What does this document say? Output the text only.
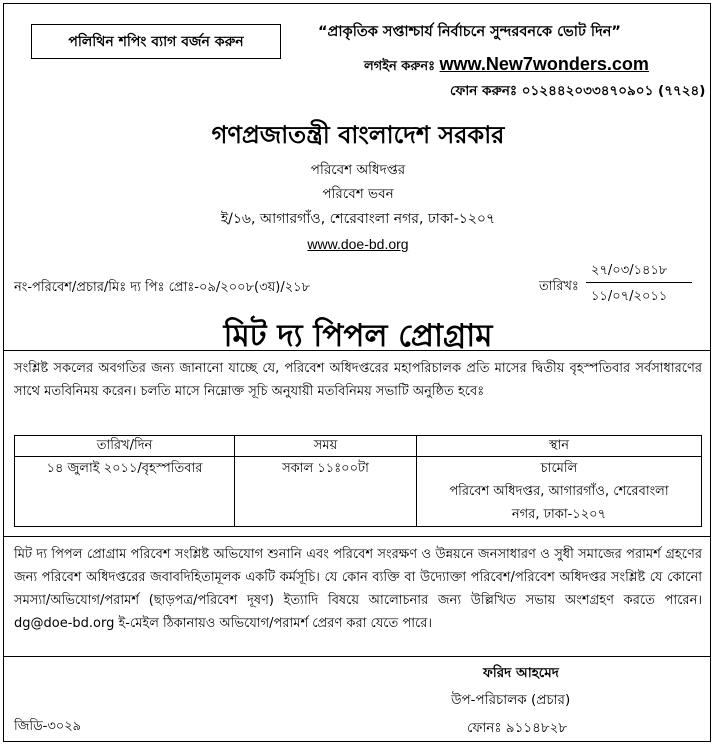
পলিথিন শপিং ব্যাগ বর্জন করুন
“প্রাকৃতিক সপ্তাশ্চার্য নির্বাচনে সুন্দরবনকে ভোট দিন”
লগইন করুনঃ www.New7wonders.com
ফোন করুনঃ ০১২৪৪২০৩৩৪৭০৯০১ (৭৭২৪)
গণপ্রজাতন্ত্রী বাংলাদেশ সরকার
পরিবেশ অধিদপ্তর
পরিবেশ ভবন
ই/১৬, আগারগাঁও, শেরেবাংলা নগর, ঢাকা-১২০৭
www.doe-bd.org
নং-পরিবেশ/প্রচার/মিঃ দ্য পিঃ প্রোঃ-০৯/২০০৮(৩য়)/২১৮	তারিখঃ
২৭/০৩/১৪১৮
১১/০৭/২০১১
মিট দ্য পিপল প্রোগ্রাম
সংশ্লিষ্ট সকলের অবগতির জন্য জানানো যাচ্ছে যে, পরিবেশ অধিদপ্তরের মহাপরিচালক প্রতি মাসের দ্বিতীয় বৃহস্পতিবার সর্বসাধারণের সাথে মতবিনিময় করেন। চলতি মাসে নিম্নোক্ত সূচি অনুযায়ী মতবিনিময় সভাটি অনুষ্ঠিত হবেঃ
তারিখ/দিন	সময়	স্থান
১৪ জুলাই ২০১১/বৃহস্পতিবার	সকাল ১১ঃ০০টা	চামেলি
পরিবেশ অধিদপ্তর, আগারগাঁও, শেরেবাংলা
নগর, ঢাকা-১২০৭
মিট দ্য পিপল প্রোগ্রাম পরিবেশ সংশ্লিষ্ট অভিযোগ শুনানি এবং পরিবেশ সংরক্ষণ ও উন্নয়নে জনসাধারণ ও সুধী সমাজের পরামর্শ গ্রহণের জন্য পরিবেশ অধিদপ্তরের জবাবদিহিতামূলক একটি কর্মসূচি। যে কোন ব্যক্তি বা উদ্যোক্তা পরিবেশ/পরিবেশ অধিদপ্তর সংশ্লিষ্ট যে কোনো সমস্যা/অভিযোগ/পরামর্শ (ছাড়পত্র/পরিবেশ দূষণ) ইত্যাদি বিষয়ে আলোচনার জন্য উল্লিখিত সভায় অংশগ্রহণ করতে পারেন। dg@doe-bd.org ই-মেইল ঠিকানায়ও অভিযোগ/পরামর্শ প্রেরণ করা যেতে পারে।
ফরিদ আহমেদ
উপ-পরিচালক (প্রচার)
ফোনঃ ৯১১৪৮২৮
জিডি-৩০২৯
